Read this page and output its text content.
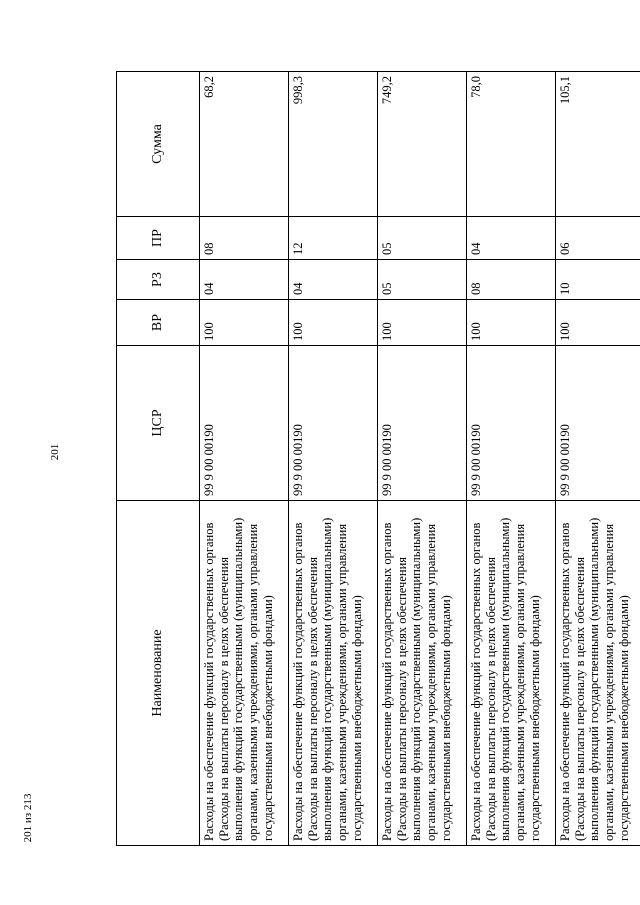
201
201 из 213
Наименование	ЦСР	ВР	РЗ	ПР	Сумма
Расходы на обеспечение функций государственных органов (Расходы на выплаты персоналу в целях обеспечения выполнения функций государственными (муниципальными) органами, казенными учреждениями, органами управления государственными внебюджетными фондами)	99 9 00 00190	100	04	08	68,2
Расходы на обеспечение функций государственных органов (Расходы на выплаты персоналу в целях обеспечения выполнения функций государственными (муниципальными) органами, казенными учреждениями, органами управления государственными внебюджетными фондами)	99 9 00 00190	100	04	12	998,3
Расходы на обеспечение функций государственных органов (Расходы на выплаты персоналу в целях обеспечения выполнения функций государственными (муниципальными) органами, казенными учреждениями, органами управления государственными внебюджетными фондами)	99 9 00 00190	100	05	05	749,2
Расходы на обеспечение функций государственных органов (Расходы на выплаты персоналу в целях обеспечения выполнения функций государственными (муниципальными) органами, казенными учреждениями, органами управления государственными внебюджетными фондами)	99 9 00 00190	100	08	04	78,0
Расходы на обеспечение функций государственных органов (Расходы на выплаты персоналу в целях обеспечения выполнения функций государственными (муниципальными) органами, казенными учреждениями, органами управления государственными внебюджетными фондами)	99 9 00 00190	100	10	06	105,1
